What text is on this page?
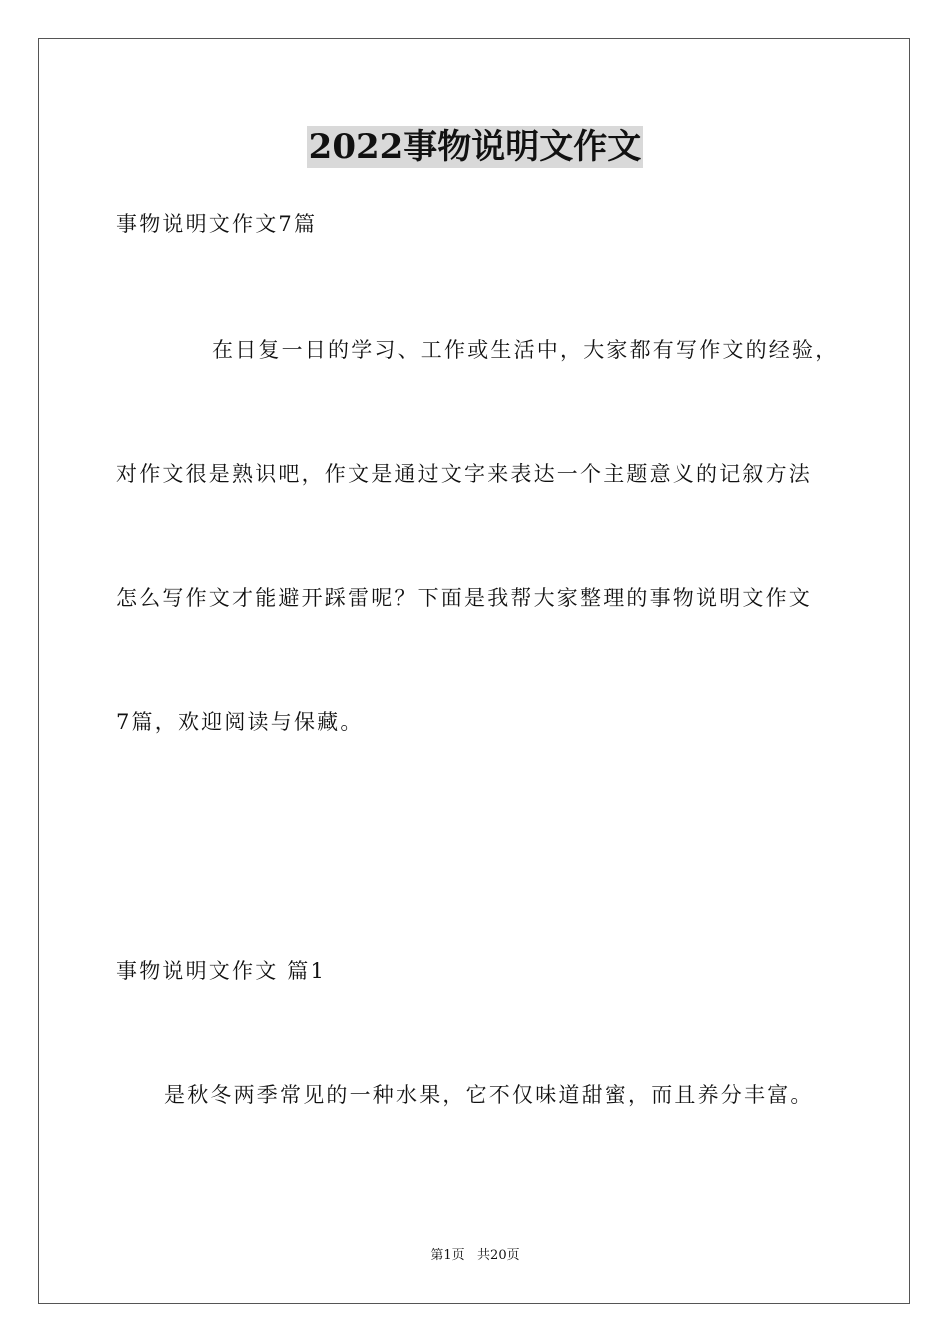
2022事物说明文作文
事物说明文作文7篇
在日复一日的学习、工作或生活中，大家都有写作文的经验，
对作文很是熟识吧，作文是通过文字来表达一个主题意义的记叙方法
怎么写作文才能避开踩雷呢？下面是我帮大家整理的事物说明文作文
7篇，欢迎阅读与保藏。
事物说明文作文 篇1
是秋冬两季常见的一种水果，它不仅味道甜蜜，而且养分丰富。
第1页   共20页
